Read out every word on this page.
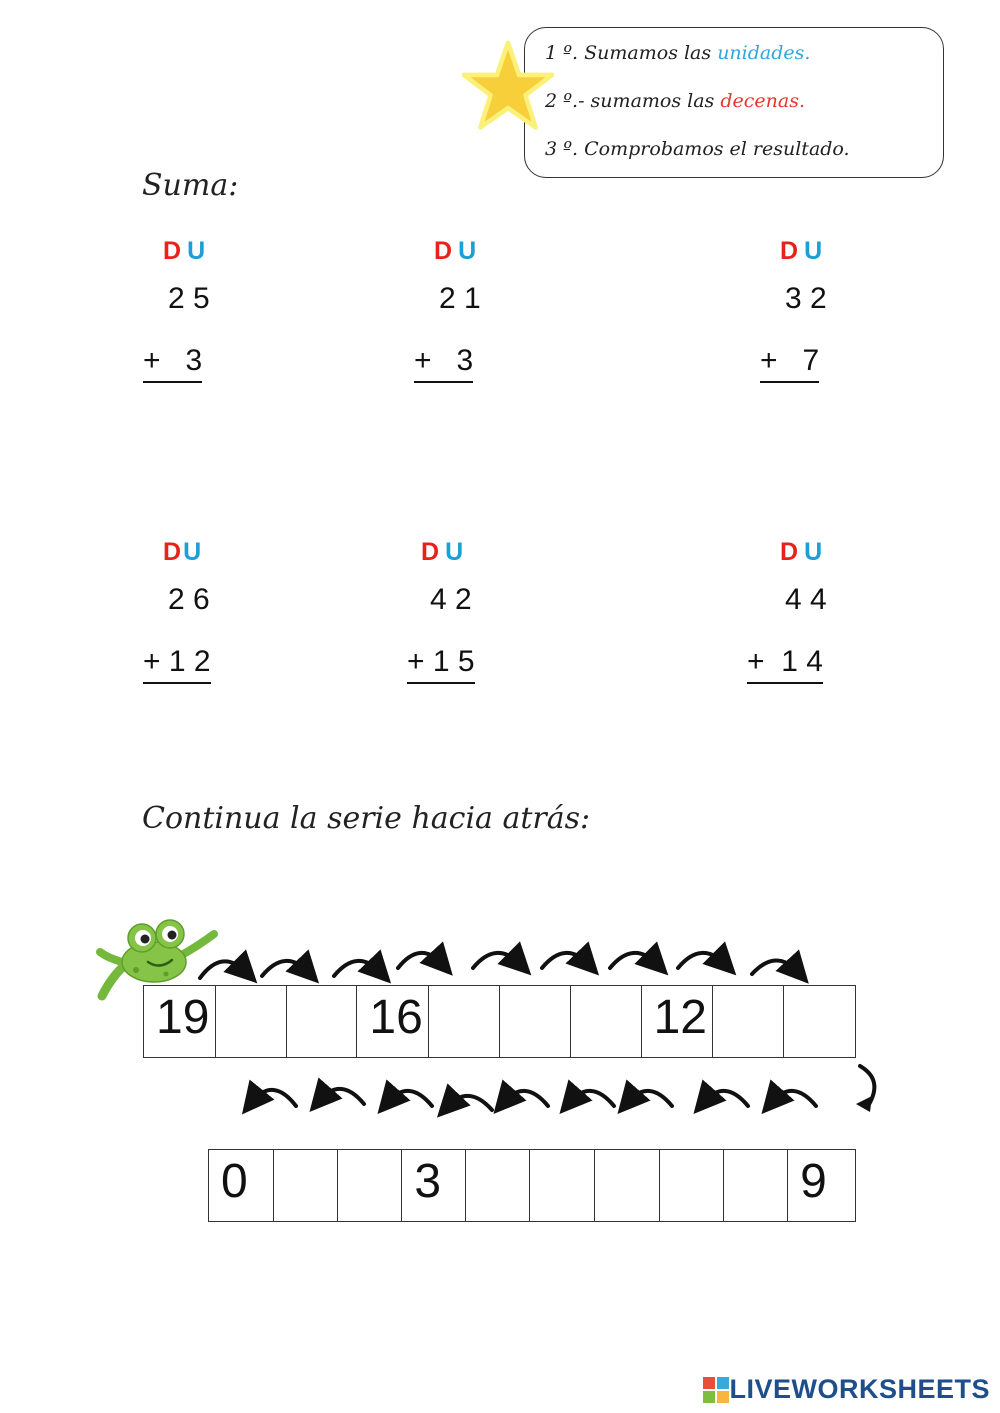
1 º. Sumamos las unidades.
2 º.- sumamos las decenas.
3 º. Comprobamos el resultado.
Suma:
D U
2 5
+   3
D U
2 1
+   3
D U
3 2
+   7
DU
2 6
+ 1 2
D U
4 2
+ 1 5
D U
4 4
+  1 4
Continua la serie hacia atrás:
19	16	12
0	3	9
LIVEWORKSHEETS
